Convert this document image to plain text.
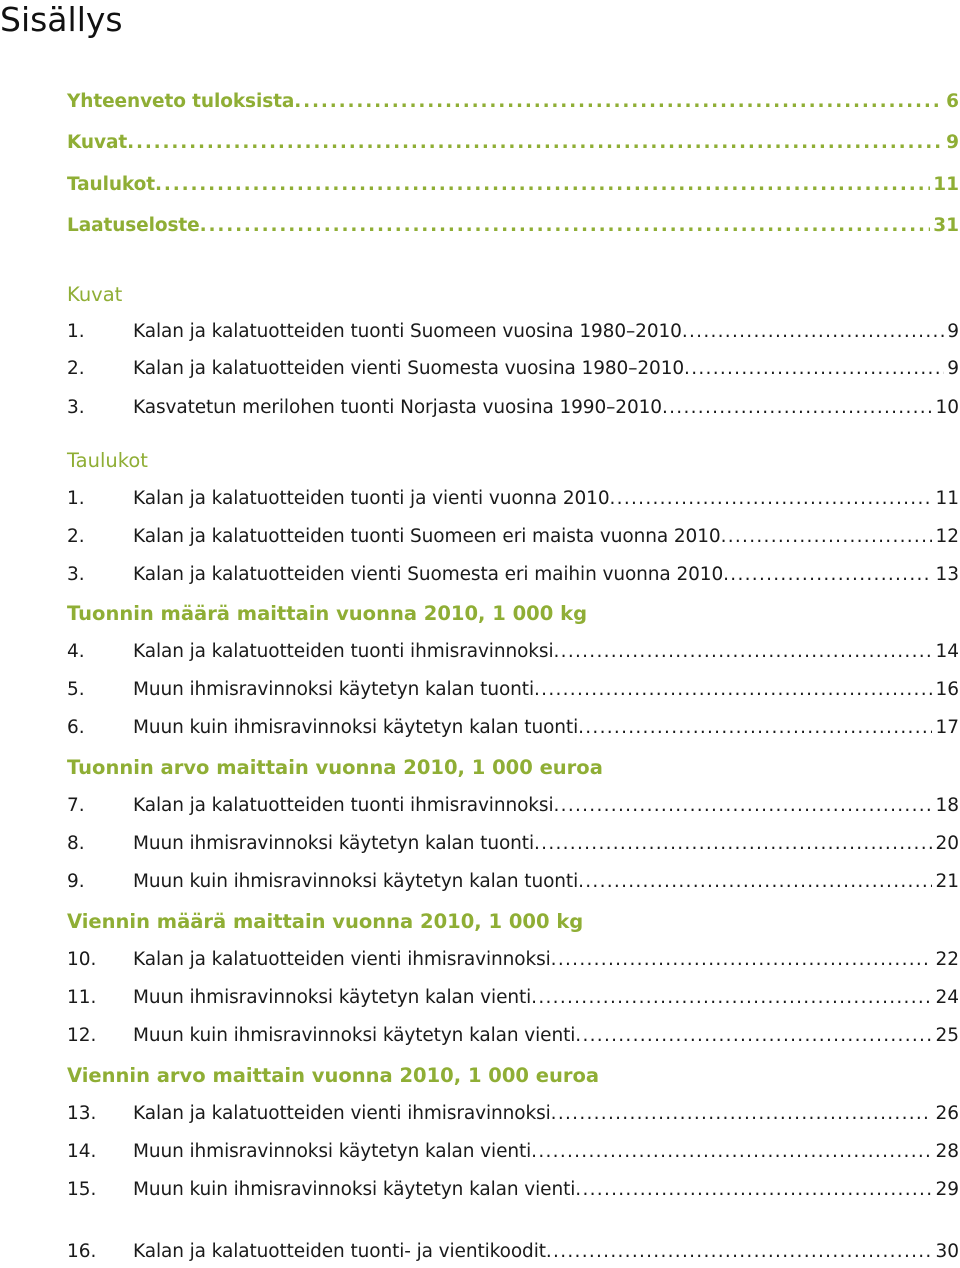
Sisällys
Yhteenveto tuloksista . . .	6
Kuvat . . .	9
Taulukot . . .	11
Laatuseloste . . .	31
Kuvat
1.	Kalan ja kalatuotteiden tuonti Suomeen vuosina 1980–2010 . . .	9
2.	Kalan ja kalatuotteiden vienti Suomesta vuosina 1980–2010 . . .	9
3.	Kasvatetun merilohen tuonti Norjasta vuosina 1990–2010 . . .	10
Taulukot
1.	Kalan ja kalatuotteiden tuonti ja vienti vuonna 2010 . . .	11
2.	Kalan ja kalatuotteiden tuonti Suomeen eri maista vuonna 2010 . . .	12
3.	Kalan ja kalatuotteiden vienti Suomesta eri maihin vuonna 2010 . . .	13
Tuonnin määrä maittain vuonna 2010, 1 000 kg
4.	Kalan ja kalatuotteiden tuonti ihmisravinnoksi . . .	14
5.	Muun ihmisravinnoksi käytetyn kalan tuonti . . .	16
6.	Muun kuin ihmisravinnoksi käytetyn kalan tuonti . . .	17
Tuonnin arvo maittain vuonna 2010, 1 000 euroa
7.	Kalan ja kalatuotteiden tuonti ihmisravinnoksi . . .	18
8.	Muun ihmisravinnoksi käytetyn kalan tuonti . . .	20
9.	Muun kuin ihmisravinnoksi käytetyn kalan tuonti . . .	21
Viennin määrä maittain vuonna 2010, 1 000 kg
10.	Kalan ja kalatuotteiden vienti ihmisravinnoksi . . .	22
11.	Muun ihmisravinnoksi käytetyn kalan vienti . . .	24
12.	Muun kuin ihmisravinnoksi käytetyn kalan vienti . . .	25
Viennin arvo maittain vuonna 2010, 1 000 euroa
13.	Kalan ja kalatuotteiden vienti ihmisravinnoksi . . .	26
14.	Muun ihmisravinnoksi käytetyn kalan vienti . . .	28
15.	Muun kuin ihmisravinnoksi käytetyn kalan vienti . . .	29
16.	Kalan ja kalatuotteiden tuonti- ja vientikoodit . . .	30
